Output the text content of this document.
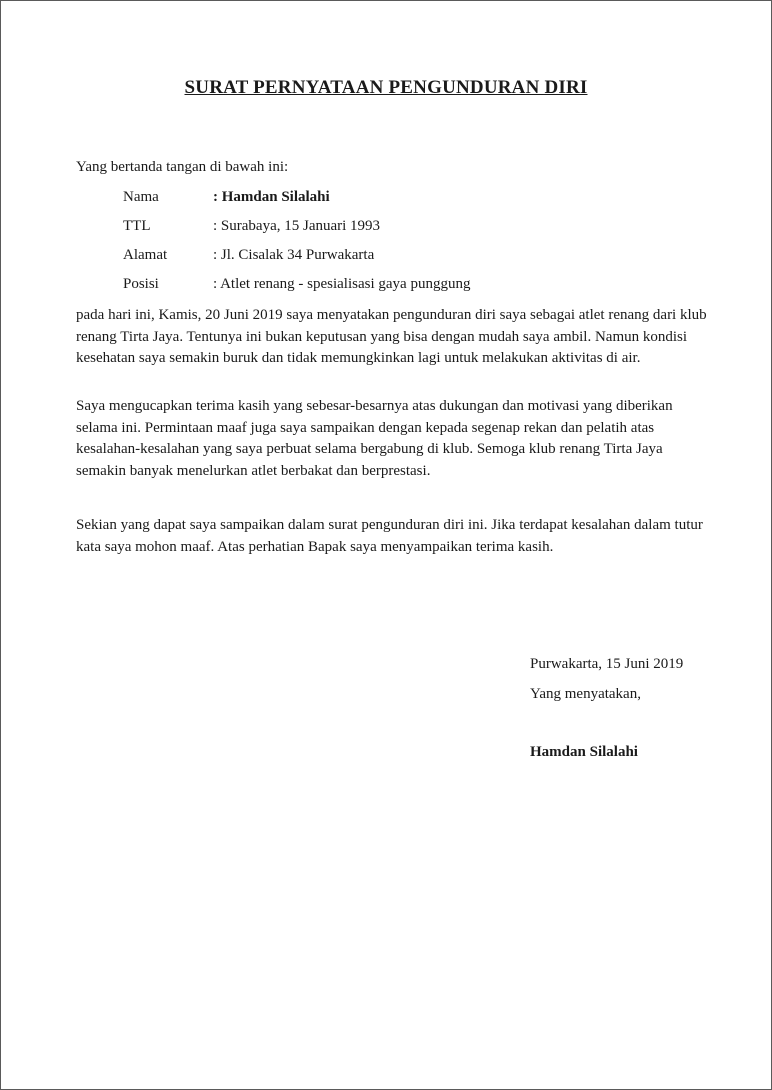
SURAT PERNYATAAN PENGUNDURAN DIRI
Yang bertanda tangan di bawah ini:
Nama	: Hamdan Silalahi
TTL	: Surabaya, 15 Januari 1993
Alamat	: Jl. Cisalak 34 Purwakarta
Posisi	: Atlet renang - spesialisasi gaya punggung

pada hari ini, Kamis, 20 Juni 2019 saya menyatakan pengunduran diri saya sebagai atlet renang dari klub renang Tirta Jaya. Tentunya ini bukan keputusan yang bisa dengan mudah saya ambil. Namun kondisi kesehatan saya semakin buruk dan tidak memungkinkan lagi untuk melakukan aktivitas di air.

Saya mengucapkan terima kasih yang sebesar-besarnya atas dukungan dan motivasi yang diberikan selama ini. Permintaan maaf juga saya sampaikan dengan kepada segenap rekan dan pelatih atas kesalahan-kesalahan yang saya perbuat selama bergabung di klub. Semoga klub renang Tirta Jaya semakin banyak menelurkan atlet berbakat dan berprestasi.

Sekian yang dapat saya sampaikan dalam surat pengunduran diri ini. Jika terdapat kesalahan dalam tutur kata saya mohon maaf. Atas perhatian Bapak saya menyampaikan terima kasih.

Purwakarta, 15 Juni 2019
Yang menyatakan,
Hamdan Silalahi
